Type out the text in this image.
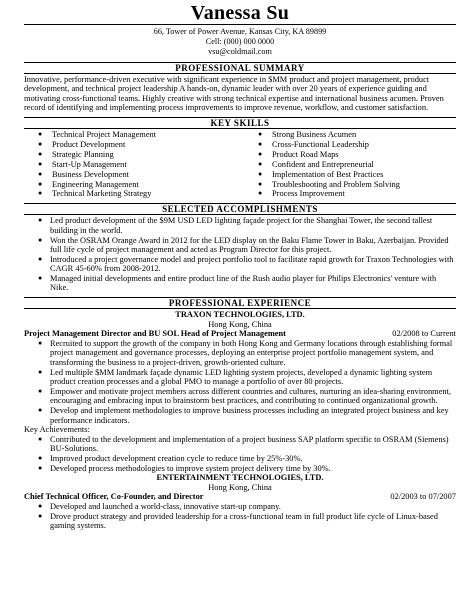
Vanessa Su
66, Tower of Power Avenue, Kansas City, KA 89899
Cell: (000) 000 0000
vsu@coldmail.com
PROFESSIONAL SUMMARY

Innovative, performance-driven executive with significant experience in $MM product and project management, product development, and technical project leadership A hands-on, dynamic leader with over 20 years of experience guiding and motivating cross-functional teams. Highly creative with strong technical expertise and international business acumen. Proven record of identifying and implementing process improvements to improve revenue, workflow, and customer satisfaction.

KEY SKILLS
● Technical Project Management
● Product Development
● Strategic Planning
● Start-Up Management
● Business Development
● Engineering Management
● Technical Marketing Strategy
● Strong Business Acumen
● Cross-Functional Leadership
● Product Road Maps
● Confident and Entrepreneurial
● Implementation of Best Practices
● Troubleshooting and Problem Solving
● Process Improvement
SELECTED ACCOMPLISHMENTS
● Led product development of the $9M USD LED lighting façade project for the Shanghai Tower, the second tallest building in the world.
● Won the OSRAM Orange Award in 2012 for the LED display on the Baku Flame Tower in Baku, Azerbaijan. Provided full life cycle of project management and acted as Program Director for this project.
● Introduced a project governance model and project portfolio tool to facilitate rapid growth for Traxon Technologies with CAGR 45-60% from 2008-2012.
● Managed initial developments and entire product line of the Rush audio player for Philips Electronics' venture with Nike.
PROFESSIONAL EXPERIENCE
TRAXON TECHNOLOGIES, LTD.
Hong Kong, China
Project Management Director and BU SOL Head of Project Management	02/2008 to Current
● Recruited to support the growth of the company in both Hong Kong and Germany locations through establishing formal project management and governance processes, deploying an enterprise project portfolio management system, and transforming the business to a project-driven, growth-oriented culture.
● Led multiple $MM landmark façade dynamic LED lighting system projects, developed a dynamic lighting system product creation processes and a global PMO to manage a portfolio of over 80 projects.
● Empower and motivate project members across different countries and cultures, nurturing an idea-sharing environment, encouraging and embracing input to brainstorm best practices, and contributing to continued organizational growth.
● Develop and implement methodologies to improve business processes including an integrated project business and key performance indicators.
Key Achievements:
● Contributed to the development and implementation of a project business SAP platform specific to OSRAM (Siemens) BU-Solutions.
● Improved product development creation cycle to reduce time by 25%-30%.
● Developed process methodologies to improve system project delivery time by 30%.
ENTERTAINMENT TECHNOLOGIES, LTD.
Hong Kong, China
Chief Technical Officer, Co-Founder, and Director	02/2003 to 07/2007
● Developed and launched a world-class, innovative start-up company.
● Drove product strategy and provided leadership for a cross-functional team in full product life cycle of Linux-based gaming systems.
